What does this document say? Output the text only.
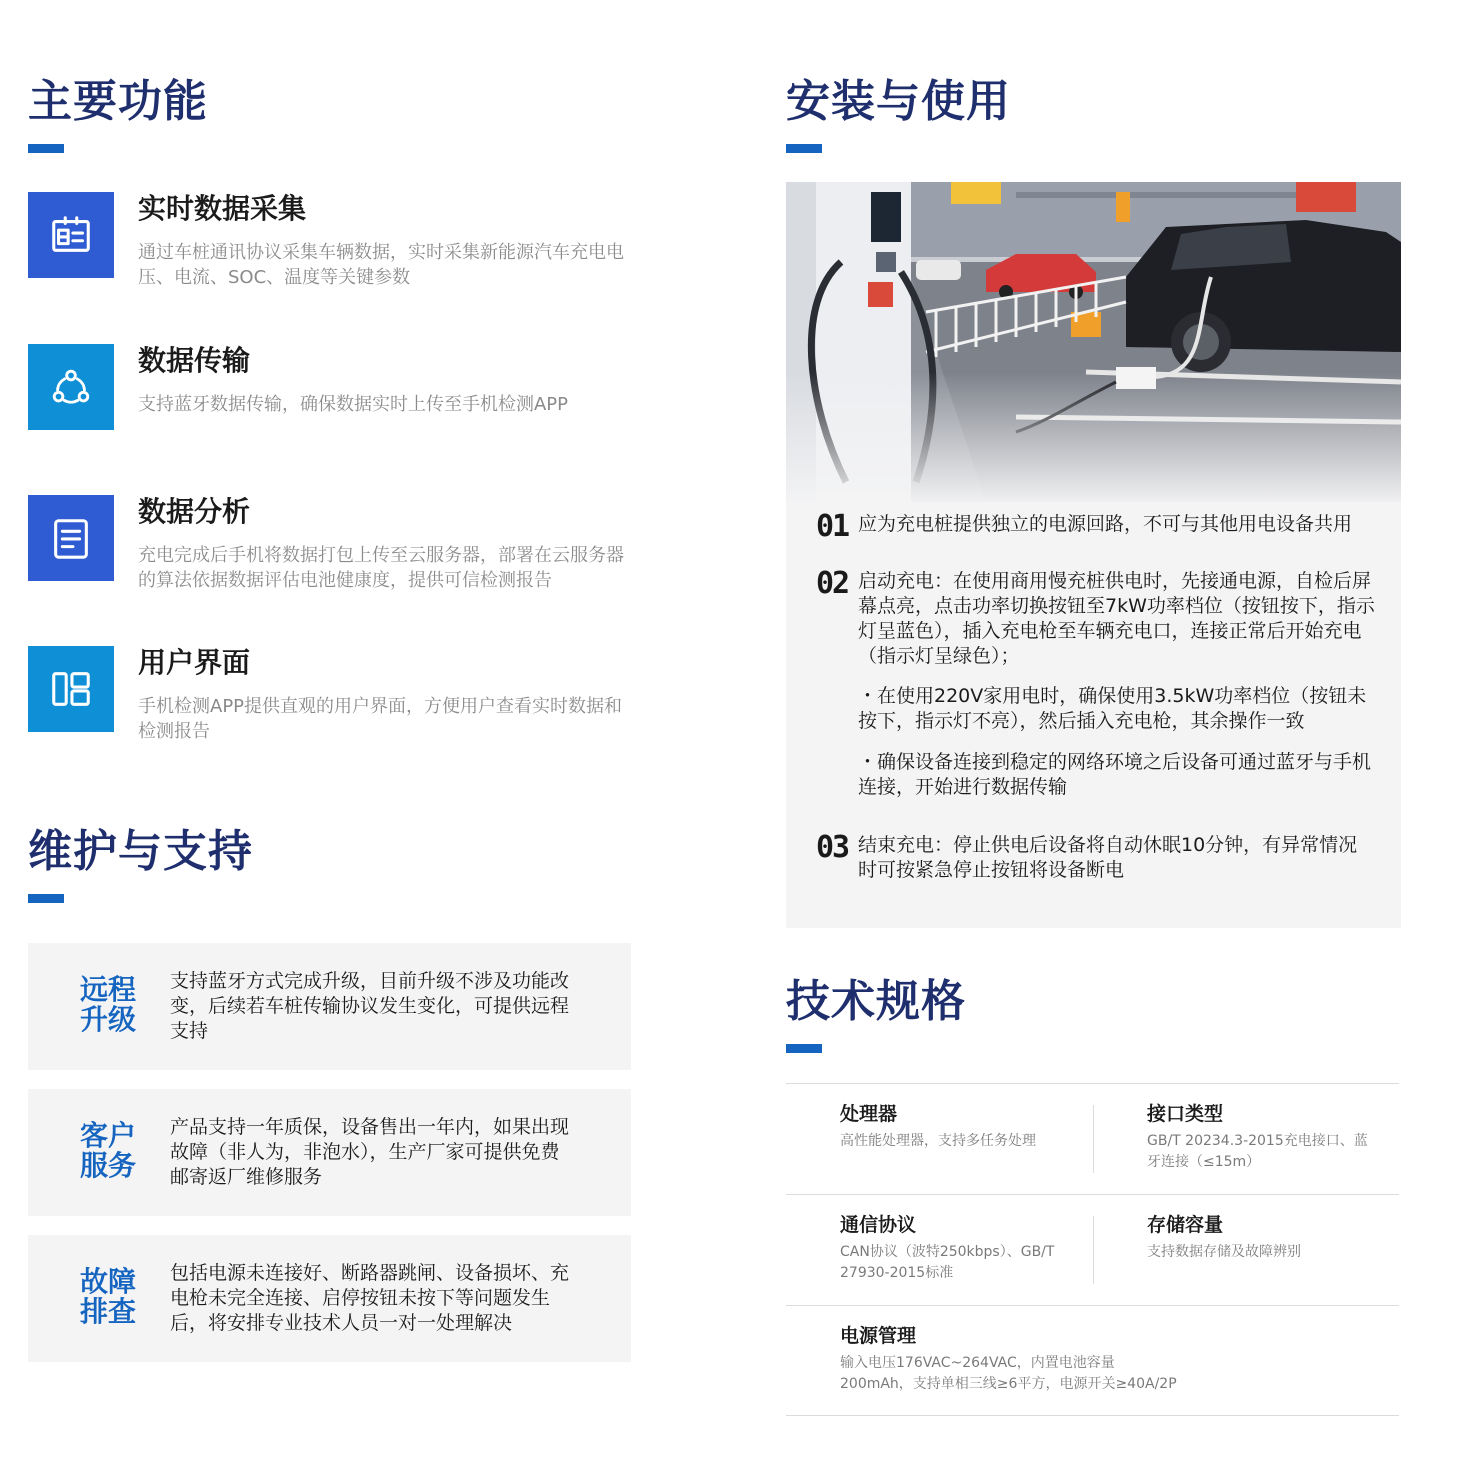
主要功能
实时数据采集
通过车桩通讯协议采集车辆数据，实时采集新能源汽车充电电压、电流、SOC、温度等关键参数
数据传输
支持蓝牙数据传输，确保数据实时上传至手机检测APP
数据分析
充电完成后手机将数据打包上传至云服务器，部署在云服务器的算法依据数据评估电池健康度，提供可信检测报告
用户界面
手机检测APP提供直观的用户界面，方便用户查看实时数据和检测报告
维护与支持
远程升级
支持蓝牙方式完成升级，目前升级不涉及功能改变，后续若车桩传输协议发生变化，可提供远程支持
客户服务
产品支持一年质保，设备售出一年内，如果出现故障（非人为，非泡水），生产厂家可提供免费邮寄返厂维修服务
故障排查
包括电源未连接好、断路器跳闸、设备损坏、充电枪未完全连接、启停按钮未按下等问题发生后，将安排专业技术人员一对一处理解决
安装与使用
01 应为充电桩提供独立的电源回路，不可与其他用电设备共用
02 启动充电：在使用商用慢充桩供电时，先接通电源，自检后屏幕点亮，点击功率切换按钮至7kW功率档位（按钮按下，指示灯呈蓝色），插入充电枪至车辆充电口，连接正常后开始充电（指示灯呈绿色）；
・在使用220V家用电时，确保使用3.5kW功率档位（按钮未按下，指示灯不亮），然后插入充电枪，其余操作一致
・确保设备连接到稳定的网络环境之后设备可通过蓝牙与手机连接，开始进行数据传输
03 结束充电：停止供电后设备将自动休眠10分钟，有异常情况时可按紧急停止按钮将设备断电
技术规格
处理器
高性能处理器，支持多任务处理
接口类型
GB/T 20234.3-2015充电接口、蓝牙连接（≤15m）
通信协议
CAN协议（波特250kbps）、GB/T 27930-2015标准
存储容量
支持数据存储及故障辨别
电源管理
输入电压176VAC~264VAC，内置电池容量200mAh，支持单相三线≥6平方，电源开关≥40A/2P
